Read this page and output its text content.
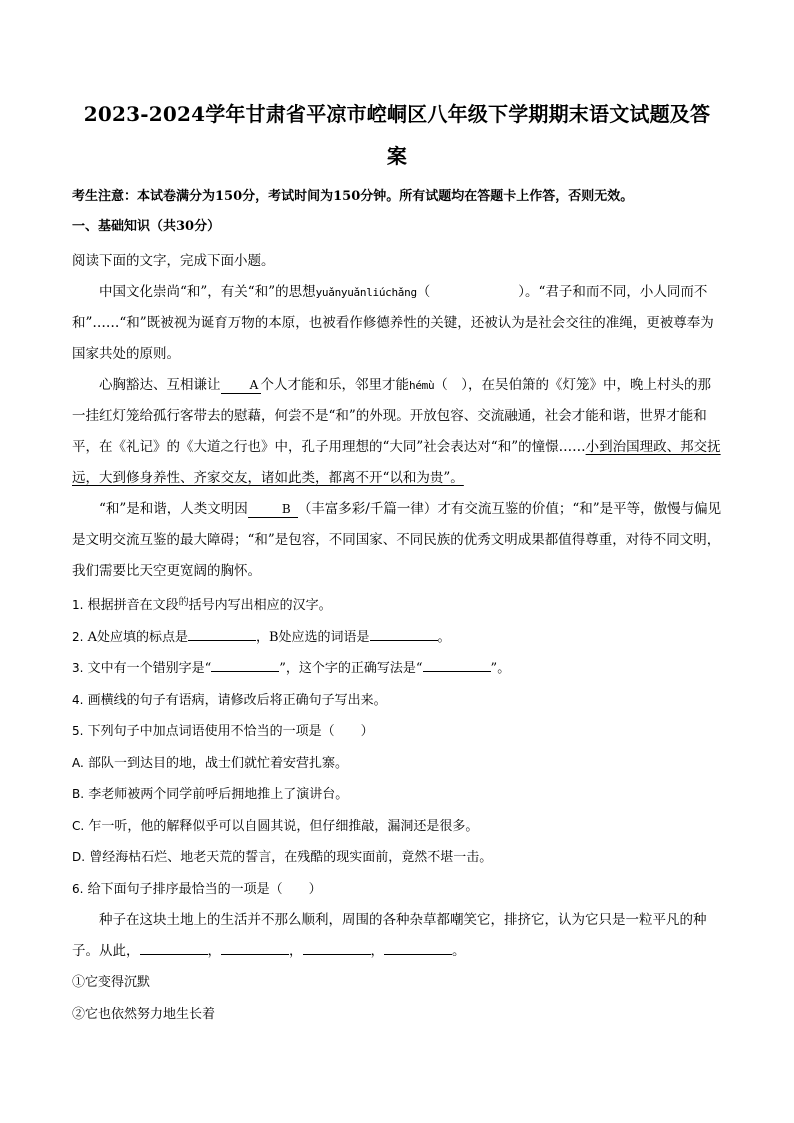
2023-2024学年甘肃省平凉市崆峒区八年级下学期期末语文试题及答
案
考生注意：本试卷满分为150分，考试时间为150分钟。所有试题均在答题卡上作答，否则无效。
一、基础知识（共30分）

阅读下面的文字，完成下面小题。

中国文化崇尚“和”，有关“和”的思想yuǎnyuǎnliúchǎng（	）。“君子和而不同，小人同而不和”……“和”既被视为诞育万物的本原，也被看作修德养性的关键，还被认为是社会交往的准绳，更被尊奉为国家共处的原则。

心胸豁达、互相谦让 A 个人才能和乐，邻里才能hémù（　），在吴伯箫的《灯笼》中，晚上村头的那一挂红灯笼给孤行客带去的慰藉，何尝不是“和”的外现。开放包容、交流融通，社会才能和谐，世界才能和平，在《礼记》的《大道之行也》中，孔子用理想的“大同”社会表达对“和”的憧憬……小到治国理政、邦交抚远，大到修身养性、齐家交友，诸如此类，都离不开“以和为贵”。

“和”是和谐，人类文明因	B （丰富多彩/千篇一律）才有交流互鉴的价值；“和”是平等，傲慢与偏见是文明交流互鉴的最大障碍；“和”是包容，不同国家、不同民族的优秀文明成果都值得尊重，对待不同文明，我们需要比天空更宽阔的胸怀。

1. 根据拼音在文段$^的$括号内写出相应的汉字。
2. A处应填的标点是	，B处应选的词语是	。
3. 文中有一个错别字是“	”，这个字的正确写法是“	”。
4. 画横线的句子有语病，请修改后将正确句子写出来。
5. 下列句子中加点词语使用不恰当的一项是（　　）
A. 部队一到达目的地，战士们就忙着安营扎寨。
B. 李老师被两个同学前呼后拥地推上了演讲台。
C. 乍一听，他的解释似乎可以自圆其说，但仔细推敲，漏洞还是很多。
D. 曾经海枯石烂、地老天荒的誓言，在残酷的现实面前，竟然不堪一击。
6. 给下面句子排序最恰当的一项是（　　）

种子在这块土地上的生活并不那么顺利，周围的各种杂草都嘲笑它，排挤它，认为它只是一粒平凡的种子。从此，	，	，	，	。

①它变得沉默
②它也依然努力地生长着
